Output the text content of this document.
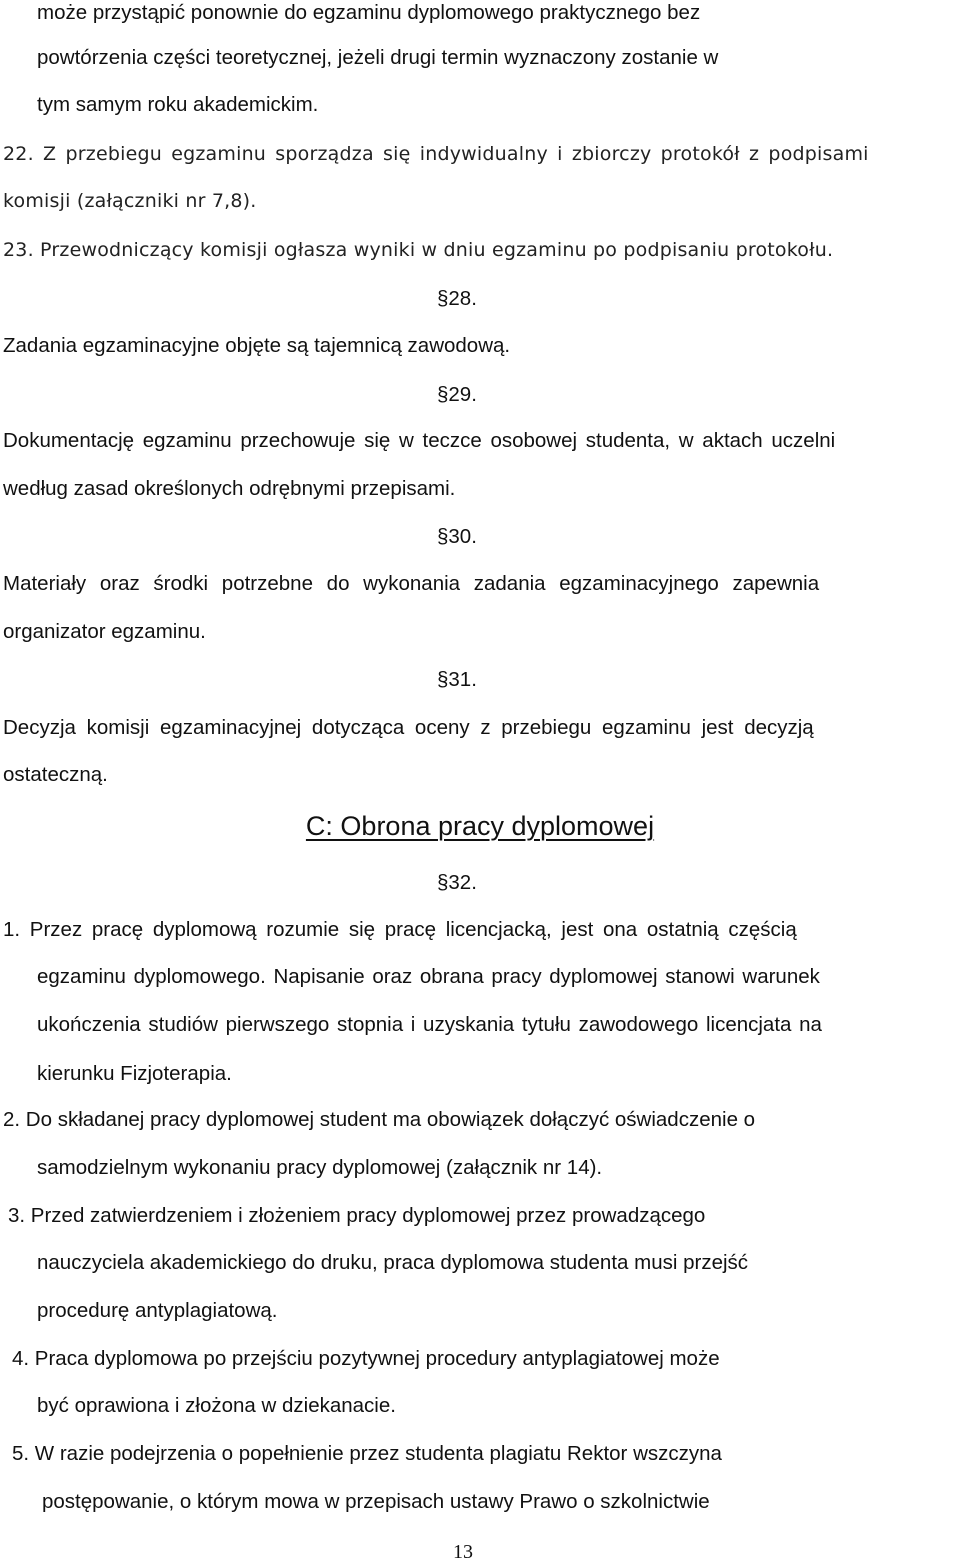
może przystąpić ponownie do egzaminu dyplomowego praktycznego bez
powtórzenia części teoretycznej, jeżeli drugi termin wyznaczony zostanie w
tym samym roku akademickim.
22. Z przebiegu egzaminu sporządza się indywidualny i zbiorczy protokół z podpisami
komisji (załączniki nr 7,8).
23. Przewodniczący komisji ogłasza wyniki w dniu egzaminu po podpisaniu protokołu.
§28.
Zadania egzaminacyjne objęte są tajemnicą zawodową.
§29.
Dokumentację egzaminu przechowuje się w teczce osobowej studenta, w aktach uczelni
według zasad określonych odrębnymi przepisami.
§30.
Materiały oraz środki potrzebne do wykonania zadania egzaminacyjnego zapewnia
organizator egzaminu.
§31.
Decyzja komisji egzaminacyjnej dotycząca oceny z przebiegu egzaminu jest decyzją
ostateczną.
C: Obrona pracy dyplomowej
§32.
1. Przez pracę dyplomową rozumie się pracę licencjacką, jest ona ostatnią częścią
egzaminu dyplomowego. Napisanie oraz obrana pracy dyplomowej stanowi warunek
ukończenia studiów pierwszego stopnia i uzyskania tytułu zawodowego licencjata na
kierunku Fizjoterapia.
2. Do składanej pracy dyplomowej student ma obowiązek dołączyć oświadczenie o
samodzielnym wykonaniu pracy dyplomowej (załącznik nr 14).
3. Przed zatwierdzeniem i złożeniem pracy dyplomowej przez prowadzącego
nauczyciela akademickiego do druku, praca dyplomowa studenta musi przejść
procedurę antyplagiatową.
4. Praca dyplomowa po przejściu pozytywnej procedury antyplagiatowej może
być oprawiona i złożona w dziekanacie.
5. W razie podejrzenia o popełnienie przez studenta plagiatu Rektor wszczyna
postępowanie, o którym mowa w przepisach ustawy Prawo o szkolnictwie
13
